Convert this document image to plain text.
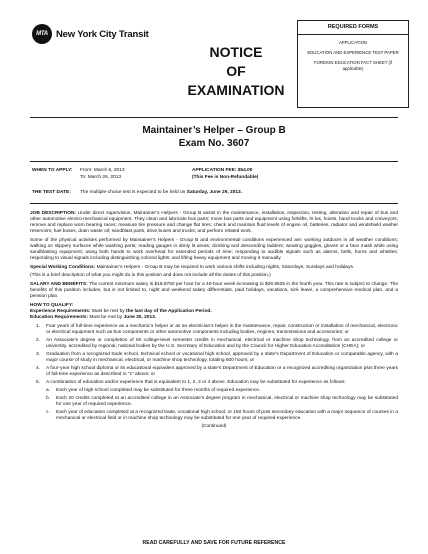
MTA New York City Transit
NOTICE
OF
EXAMINATION
REQUIRED FORMS
APPLICATION
EDUCATION AND EXPERIENCE TEST PAPER
FOREIGN EDUCATION FACT SHEET (if applicable)
Maintainer’s Helper – Group B
Exam No. 3607
WHEN TO APPLY: From: March 6, 2013
To: March 26, 2013
APPLICATION FEE: $54.00
(This Fee is Non-Refundable)
THE TEST DATE: The multiple-choice test is expected to be held on Saturday, June 29, 2013.

JOB DESCRIPTION: Under direct supervision, Maintainer’s Helpers - Group B assist in the maintenance, installation, inspection, testing, alteration and repair of bus and other automotive electro-mechanical equipment. They clean and lubricate bus parts; move bus parts and equipment using forklifts, hi-los, hoists, hand trucks and conveyors; remove and replace worn bearing races; measure tire pressure and change flat tires; check and maintain fluid levels of engine oil, batteries, radiator and windshield washer reservoirs; fuel buses, drain waste oil; sandblast parts, drive buses and trucks; and perform related work.

Some of the physical activities performed by Maintainer’s Helpers - Group B and environmental conditions experienced are: working outdoors in all weather conditions; walking on slippery surfaces while washing parts; reading gauges in dimly lit areas; climbing and descending ladders; wearing goggles, gloves or a face mask while using sandblasting equipment; using both hands to work overhead for extended periods of time; responding to audible signals such as alarms, bells, horns and whistles; responding to visual signals including distinguishing colored lights; and lifting heavy equipment and moving it manually.

Special Working Conditions: Maintainer’s Helpers - Group B may be required to work various shifts including nights, Saturdays, Sundays and holidays.

(This is a brief description of what you might do in this position and does not include all the duties of this position.)

SALARY AND BENEFITS: The current minimum salary is $18.8750 per hour for a 40-hour week increasing to $26.9625 in the fourth year. This rate is subject to change. The benefits of this position includes, but is not limited to, night and weekend salary differentials, paid holidays, vacations, sick leave, a comprehensive medical plan, and a pension plan.

HOW TO QUALIFY:

Experience Requirements: Must be met by the last day of the Application Period.
Education Requirements: Must be met by June 30, 2013.
1.	Four years of full-time experience as a mechanic’s helper or as an electrician’s helper in the maintenance, repair, construction or installation of mechanical, electronic or electrical equipment such as bus components or other automotive components including bodies, engines, transmissions and accessories; or
2.	An Associate’s degree or completion of 60 college-level semester credits in mechanical, electrical or machine shop technology, from an accredited college or university, accredited by regional, national bodies by the U.S. Secretary of Education and by the Council for Higher Education Accreditation (CHEA); or
3.	Graduation from a recognized trade school, technical school or vocational high school, approved by a state’s Department of Education or comparable agency, with a major course of study in mechanical, electrical, or machine shop technology, totaling 600 hours; or
4.	A four-year high school diploma or its educational equivalent approved by a state’s Department of Education or a recognized accrediting organization plus three years of full-time experience as described in “1” above; or
5.	A combination of education and/or experience that is equivalent to 1, 2, 3 or 4 above. Education may be substituted for experience as follows:
a.	Each year of high school completed may be substituted for three months of required experience.
b.	Each 20 credits completed at an accredited college in an Associate’s degree program in mechanical, electrical or machine shop technology may be substituted for one year of required experience.
c.	Each year of education completed at a recognized trade, vocational high school, or 150 hours of post secondary education with a major sequence of courses in a mechanical or electrical field or in machine shop technology may be substituted for one year of required experience.
(Continued)
READ CAREFULLY AND SAVE FOR FUTURE REFERENCE
